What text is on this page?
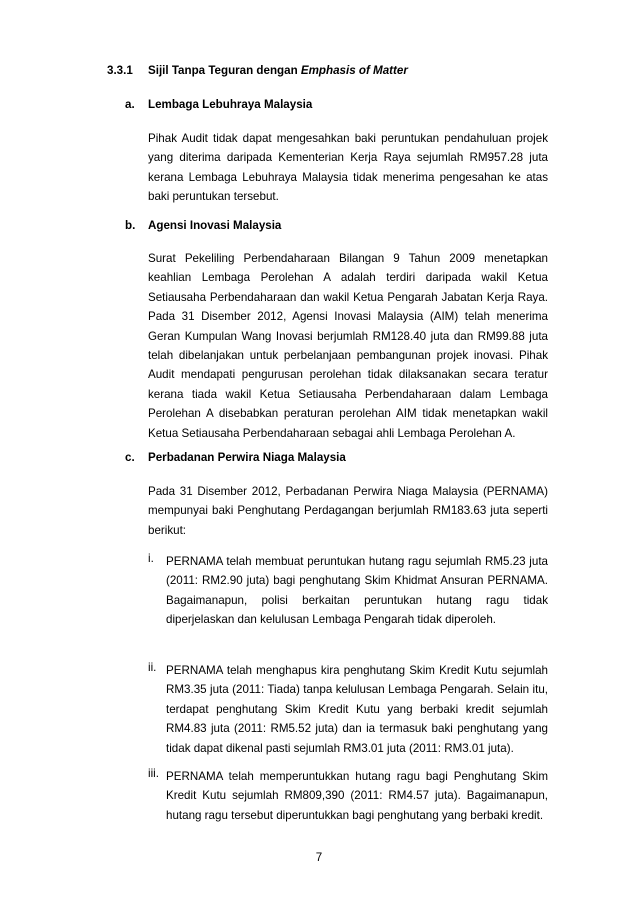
3.3.1 Sijil Tanpa Teguran dengan Emphasis of Matter
a. Lembaga Lebuhraya Malaysia
Pihak Audit tidak dapat mengesahkan baki peruntukan pendahuluan projek yang diterima daripada Kementerian Kerja Raya sejumlah RM957.28 juta kerana Lembaga Lebuhraya Malaysia tidak menerima pengesahan ke atas baki peruntukan tersebut.
b. Agensi Inovasi Malaysia
Surat Pekeliling Perbendaharaan Bilangan 9 Tahun 2009 menetapkan keahlian Lembaga Perolehan A adalah terdiri daripada wakil Ketua Setiausaha Perbendaharaan dan wakil Ketua Pengarah Jabatan Kerja Raya. Pada 31 Disember 2012, Agensi Inovasi Malaysia (AIM) telah menerima Geran Kumpulan Wang Inovasi berjumlah RM128.40 juta dan RM99.88 juta telah dibelanjakan untuk perbelanjaan pembangunan projek inovasi. Pihak Audit mendapati pengurusan perolehan tidak dilaksanakan secara teratur kerana tiada wakil Ketua Setiausaha Perbendaharaan dalam Lembaga Perolehan A disebabkan peraturan perolehan AIM tidak menetapkan wakil Ketua Setiausaha Perbendaharaan sebagai ahli Lembaga Perolehan A.
c. Perbadanan Perwira Niaga Malaysia
Pada 31 Disember 2012, Perbadanan Perwira Niaga Malaysia (PERNAMA) mempunyai baki Penghutang Perdagangan berjumlah RM183.63 juta seperti berikut:
i. PERNAMA telah membuat peruntukan hutang ragu sejumlah RM5.23 juta (2011: RM2.90 juta) bagi penghutang Skim Khidmat Ansuran PERNAMA. Bagaimanapun, polisi berkaitan peruntukan hutang ragu tidak diperjelaskan dan kelulusan Lembaga Pengarah tidak diperoleh.
ii. PERNAMA telah menghapus kira penghutang Skim Kredit Kutu sejumlah RM3.35 juta (2011: Tiada) tanpa kelulusan Lembaga Pengarah. Selain itu, terdapat penghutang Skim Kredit Kutu yang berbaki kredit sejumlah RM4.83 juta (2011: RM5.52 juta) dan ia termasuk baki penghutang yang tidak dapat dikenal pasti sejumlah RM3.01 juta (2011: RM3.01 juta).
iii. PERNAMA telah memperuntukkan hutang ragu bagi Penghutang Skim Kredit Kutu sejumlah RM809,390 (2011: RM4.57 juta). Bagaimanapun, hutang ragu tersebut diperuntukkan bagi penghutang yang berbaki kredit.
7
